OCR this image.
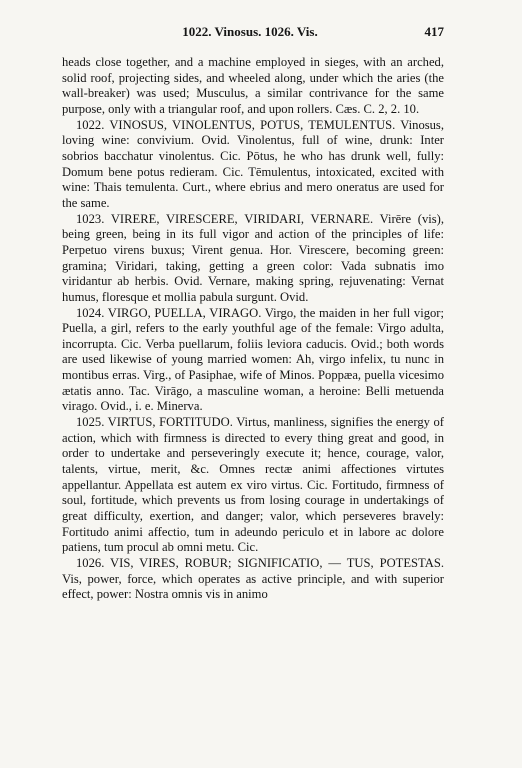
1022. Vinosus. 1026. Vis.	417

heads close together, and a machine employed in sieges, with an arched, solid roof, projecting sides, and wheeled along, under which the aries (the wall-breaker) was used; Musculus, a similar contrivance for the same purpose, only with a triangular roof, and upon rollers. Cæs. C. 2, 2. 10.

1022. VINOSUS, VINOLENTUS, POTUS, TEMULENTUS. Vinosus, loving wine: convivium. Ovid. Vinolentus, full of wine, drunk: Inter sobrios bacchatur vinolentus. Cic. Pōtus, he who has drunk well, fully: Domum bene potus redieram. Cic. Tēmulentus, intoxicated, excited with wine: Thais temulenta. Curt., where ebrius and mero oneratus are used for the same.

1023. VIRERE, VIRESCERE, VIRIDARI, VERNARE. Virēre (vis), being green, being in its full vigor and action of the principles of life: Perpetuo virens buxus; Virent genua. Hor. Virescere, becoming green: gramina; Viridari, taking, getting a green color: Vada subnatis imo viridantur ab herbis. Ovid. Vernare, making spring, rejuvenating: Vernat humus, floresque et mollia pabula surgunt. Ovid.

1024. VIRGO, PUELLA, VIRAGO. Virgo, the maiden in her full vigor; Puella, a girl, refers to the early youthful age of the female: Virgo adulta, incorrupta. Cic. Verba puellarum, foliis leviora caducis. Ovid.; both words are used likewise of young married women: Ah, virgo infelix, tu nunc in montibus erras. Virg., of Pasiphae, wife of Minos. Poppæa, puella vicesimo ætatis anno. Tac. Virāgo, a masculine woman, a heroine: Belli metuenda virago. Ovid., i. e. Minerva.

1025. VIRTUS, FORTITUDO. Virtus, manliness, signifies the energy of action, which with firmness is directed to every thing great and good, in order to undertake and perseveringly execute it; hence, courage, valor, talents, virtue, merit, &c. Omnes rectæ animi affectiones virtutes appellantur. Appellata est autem ex viro virtus. Cic. Fortitudo, firmness of soul, fortitude, which prevents us from losing courage in undertakings of great difficulty, exertion, and danger; valor, which perseveres bravely: Fortitudo animi affectio, tum in adeundo periculo et in labore ac dolore patiens, tum procul ab omni metu. Cic.

1026. VIS, VIRES, ROBUR; SIGNIFICATIO, — TUS, POTESTAS. Vis, power, force, which operates as active principle, and with superior effect, power: Nostra omnis vis in animo
